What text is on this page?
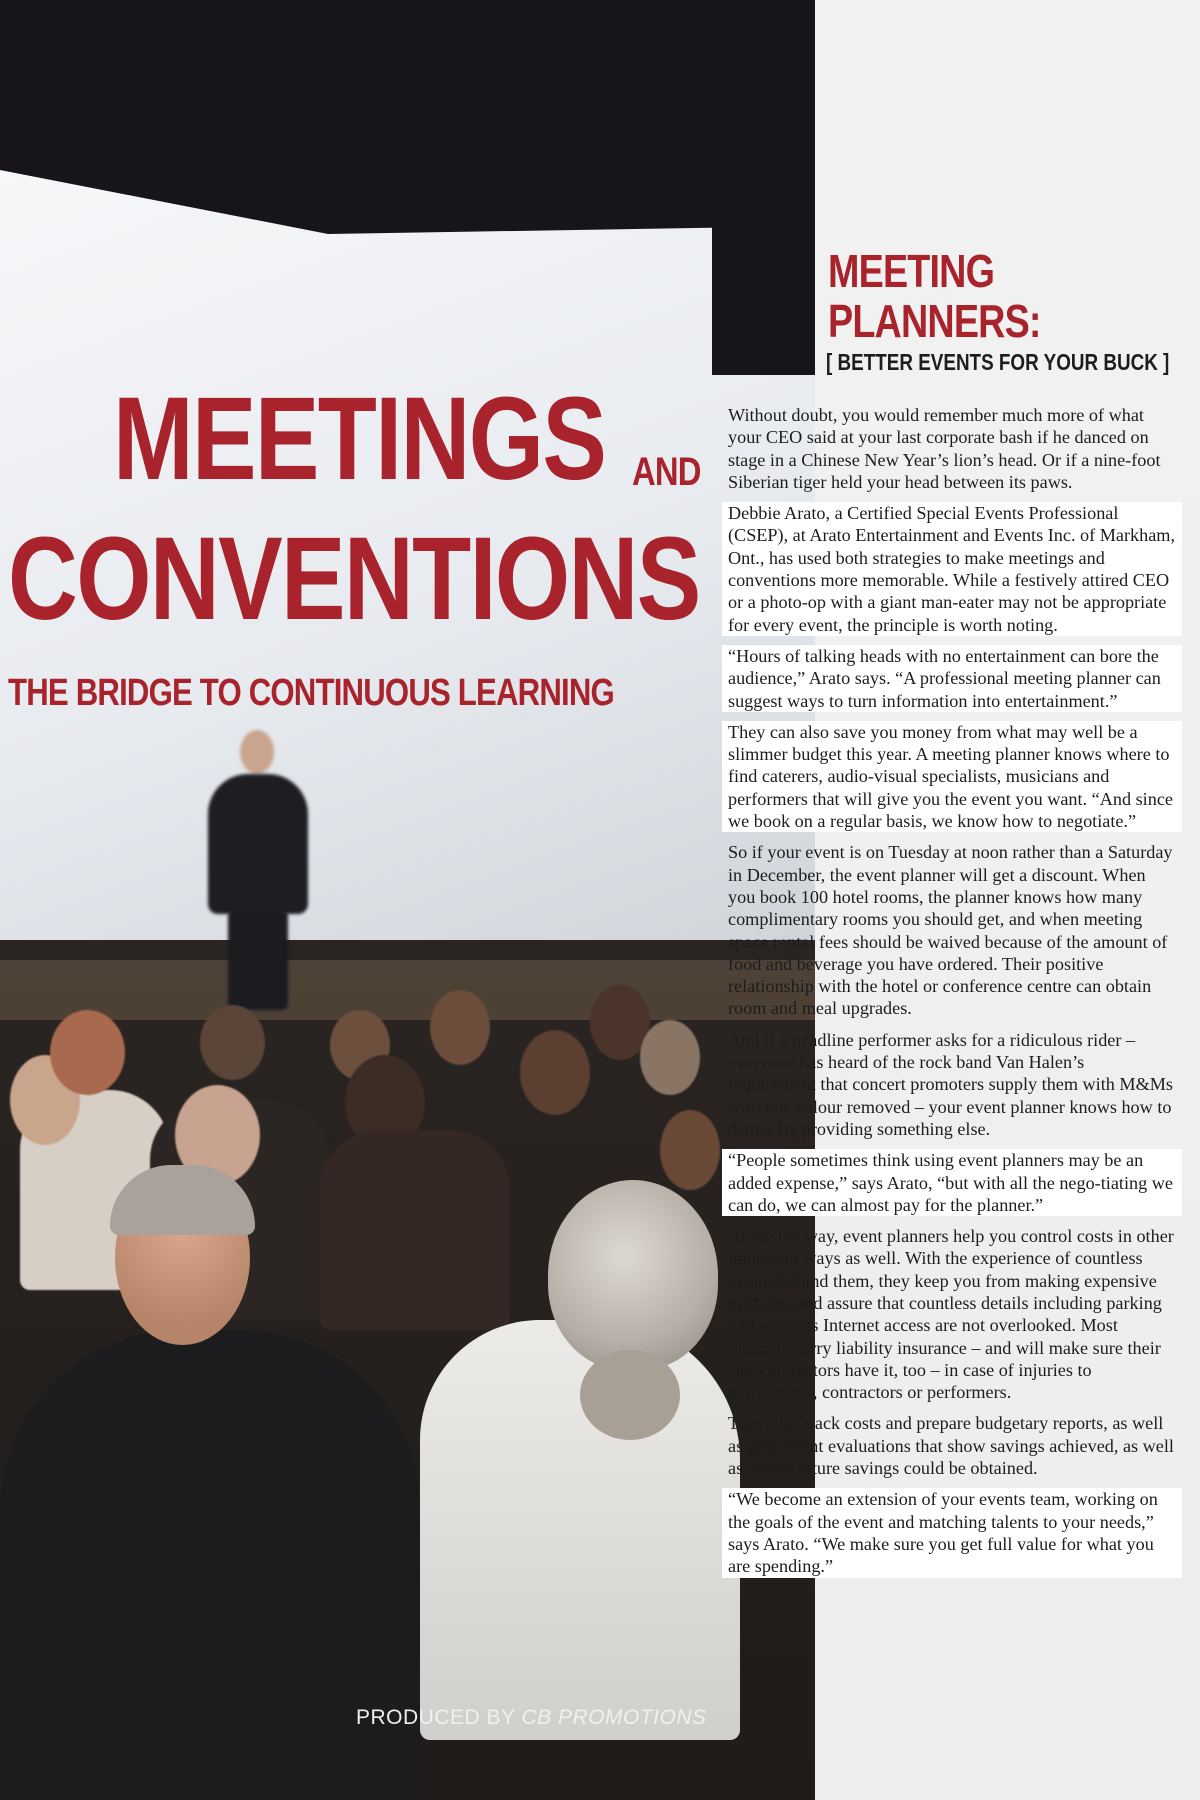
MEETINGS AND
CONVENTIONS
THE BRIDGE TO CONTINUOUS LEARNING
MEETING
PLANNERS:
[ BETTER EVENTS FOR YOUR BUCK ]

Without doubt, you would remember much more of what your CEO said at your last corporate bash if he danced on stage in a Chinese New Year’s lion’s head. Or if a nine-foot Siberian tiger held your head between its paws.

Debbie Arato, a Certified Special Events Professional (CSEP), at Arato Entertainment and Events Inc. of Markham, Ont., has used both strategies to make meetings and conventions more memorable. While a festively attired CEO or a photo-op with a giant man-eater may not be appropriate for every event, the principle is worth noting.

“Hours of talking heads with no entertainment can bore the audience,” Arato says. “A professional meeting planner can suggest ways to turn information into entertainment.”

They can also save you money from what may well be a slimmer budget this year. A meeting planner knows where to find caterers, audio-visual specialists, musicians and performers that will give you the event you want. “And since we book on a regular basis, we know how to negotiate.”

So if your event is on Tuesday at noon rather than a Saturday in December, the event planner will get a discount. When you book 100 hotel rooms, the planner knows how many complimentary rooms you should get, and when meeting space rental fees should be waived because of the amount of food and beverage you have ordered. Their positive relationship with the hotel or conference centre can obtain room and meal upgrades.

And if a headline performer asks for a ridiculous rider – everyone has heard of the rock band Van Halen’s requirement that concert promoters supply them with M&Ms with one colour removed – your event planner knows how to demur by providing something else.

“People sometimes think using event planners may be an added expense,” says Arato, “but with all the nego-tiating we can do, we can almost pay for the planner.”

Along the way, event planners help you control costs in other important ways as well. With the experience of countless events behind them, they keep you from making expensive mistakes and assure that countless details including parking and wireless Internet access are not overlooked. Most planners carry liability insurance – and will make sure their sub-contractors have it, too – in case of injuries to participants, contractors or performers.

They also track costs and prepare budgetary reports, as well as post-event evaluations that show savings achieved, as well as where future savings could be obtained.

“We become an extension of your events team, working on the goals of the event and matching talents to your needs,” says Arato. “We make sure you get full value for what you are spending.”

PRODUCED BY CB PROMOTIONS
